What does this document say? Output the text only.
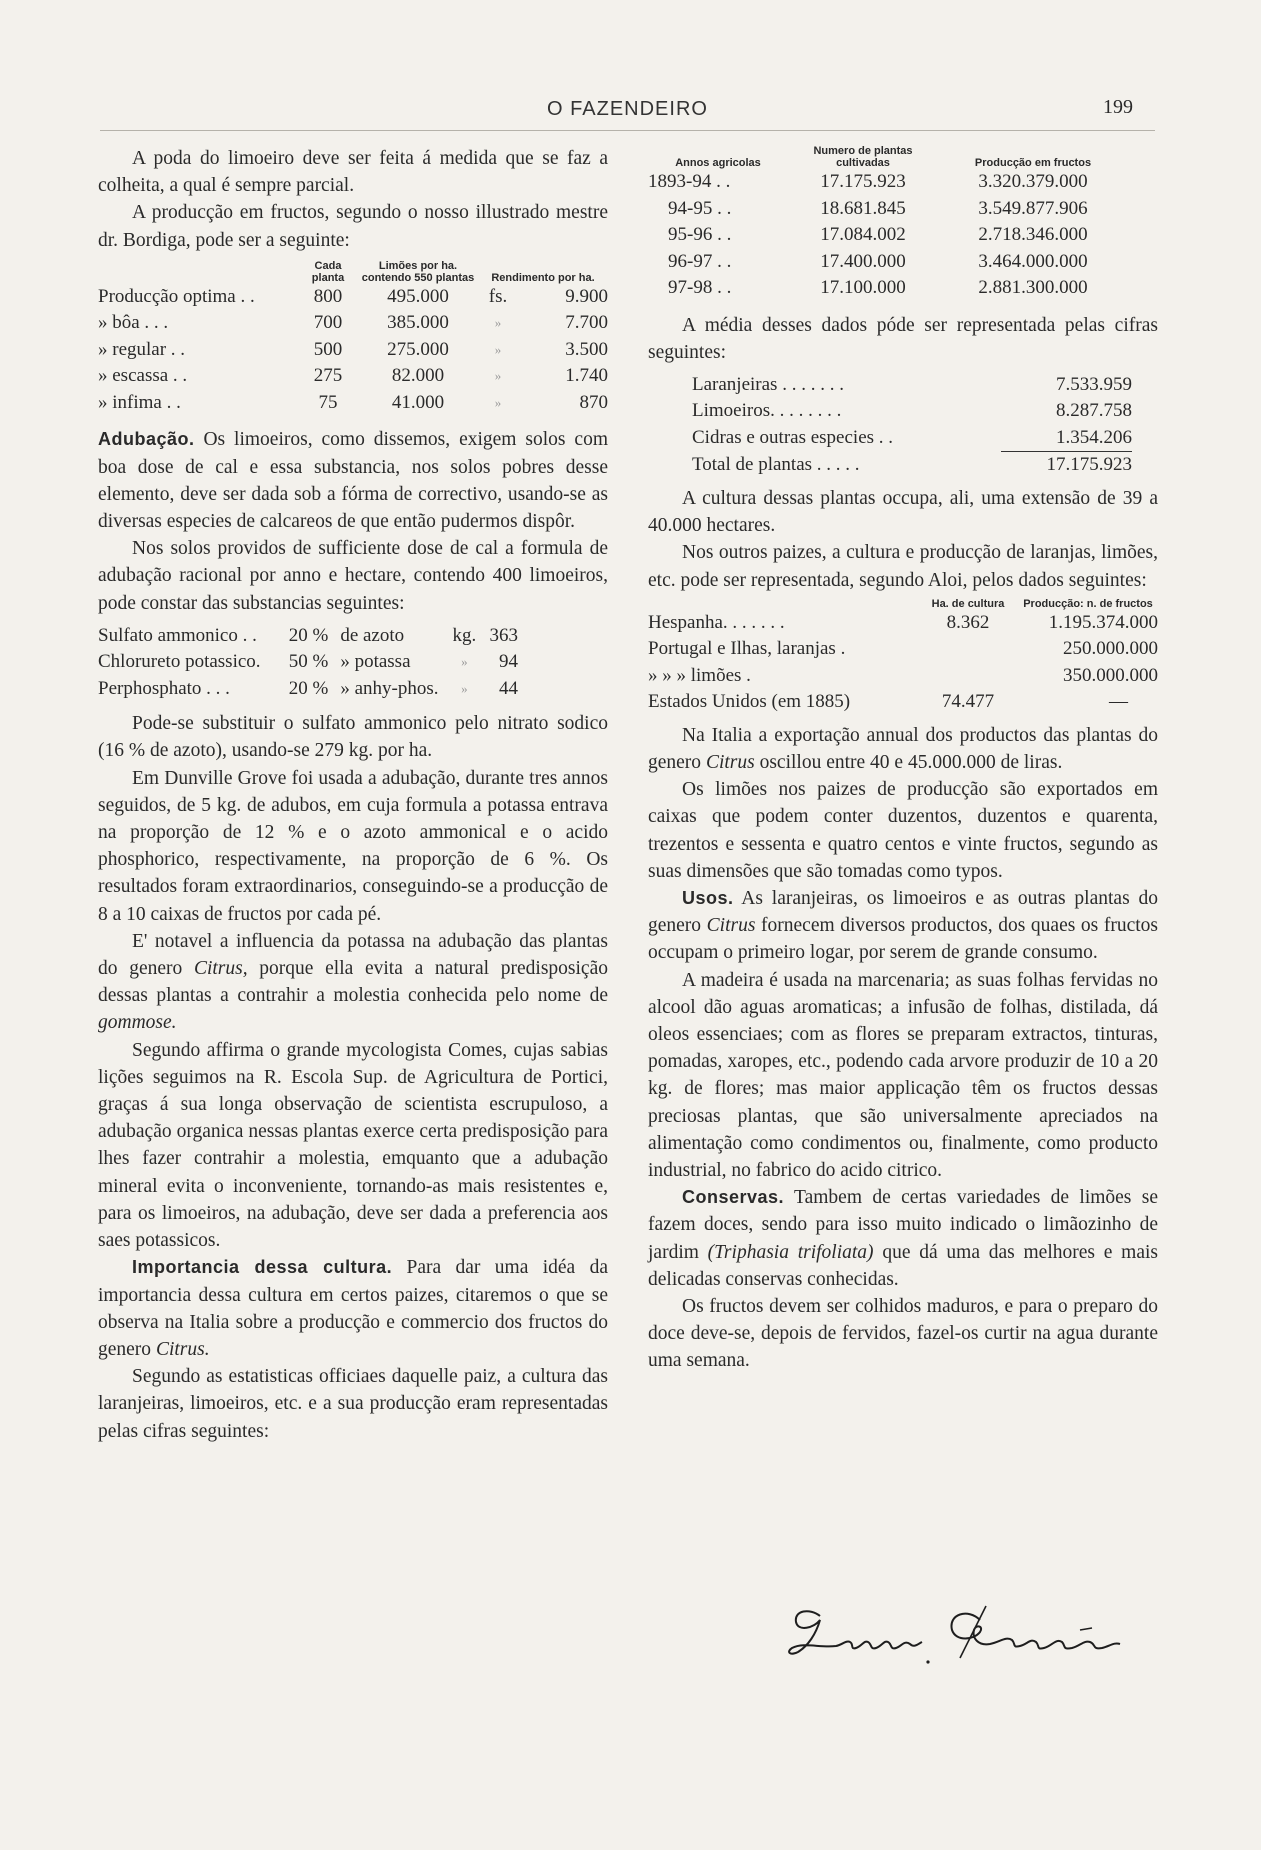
O FAZENDEIRO	199

A poda do limoeiro deve ser feita á medida que se faz a colheita, a qual é sempre parcial.

A producção em fructos, segundo o nosso illustrado mestre dr. Bordiga, pode ser a seguinte:

	Cada planta	Limões por ha. contendo 550 plantas	Rendimento por ha.	
Producção optima . .	800	495.000	fs.	9.900
» bôa . . .	700	385.000	»	7.700
» regular . .	500	275.000	»	3.500
» escassa . .	275	82.000	»	1.740
» infima . .	75	41.000	»	870

Adubação. Os limoeiros, como dissemos, exigem solos com boa dose de cal e essa substancia, nos solos pobres desse elemento, deve ser dada sob a fórma de correctivo, usando-se as diversas especies de calcareos de que então pudermos dispôr.

Nos solos providos de sufficiente dose de cal a formula de adubação racional por anno e hectare, contendo 400 limoeiros, pode constar das substancias seguintes:

Sulfato ammonico . .	20 %	de azoto	kg.	363
Chlorureto potassico.	50 %	» potassa	»	94
Perphosphato . . .	20 %	» anhy-phos.	»	44

Pode-se substituir o sulfato ammonico pelo nitrato sodico (16 % de azoto), usando-se 279 kg. por ha.

Em Dunville Grove foi usada a adubação, durante tres annos seguidos, de 5 kg. de adubos, em cuja formula a potassa entrava na proporção de 12 % e o azoto ammonical e o acido phosphorico, respectivamente, na proporção de 6 %. Os resultados foram extraordinarios, conseguindo-se a producção de 8 a 10 caixas de fructos por cada pé.

E' notavel a influencia da potassa na adubação das plantas do genero Citrus, porque ella evita a natural predisposição dessas plantas a contrahir a molestia conhecida pelo nome de gommose.

Segundo affirma o grande mycologista Comes, cujas sabias lições seguimos na R. Escola Sup. de Agricultura de Portici, graças á sua longa observação de scientista escrupuloso, a adubação organica nessas plantas exerce certa predisposição para lhes fazer contrahir a molestia, emquanto que a adubação mineral evita o inconveniente, tornando-as mais resistentes e, para os limoeiros, na adubação, deve ser dada a preferencia aos saes potassicos.

Importancia dessa cultura. Para dar uma idéa da importancia dessa cultura em certos paizes, citaremos o que se observa na Italia sobre a producção e commercio dos fructos do genero Citrus.

Segundo as estatisticas officiaes daquelle paiz, a cultura das laranjeiras, limoeiros, etc. e a sua producção eram representadas pelas cifras seguintes:

Annos agricolas	Numero de plantas cultivadas	Producção em fructos
1893-94 . .	17.175.923	3.320.379.000
94-95 . .	18.681.845	3.549.877.906
95-96 . .	17.084.002	2.718.346.000
96-97 . .	17.400.000	3.464.000.000
97-98 . .	17.100.000	2.881.300.000

A média desses dados póde ser representada pelas cifras seguintes:

Laranjeiras . . . . . . .	7.533.959
Limoeiros. . . . . . . .	8.287.758
Cidras e outras especies . .	1.354.206
Total de plantas . . . . .	17.175.923

A cultura dessas plantas occupa, ali, uma extensão de 39 a 40.000 hectares.

Nos outros paizes, a cultura e producção de laranjas, limões, etc. pode ser representada, segundo Aloi, pelos dados seguintes:

	Ha. de cultura	Producção: n. de fructos
Hespanha. . . . . . .	8.362	1.195.374.000
Portugal e Ilhas, laranjas .		250.000.000
» » » limões .		350.000.000
Estados Unidos (em 1885)	74.477	—

Na Italia a exportação annual dos productos das plantas do genero Citrus oscillou entre 40 e 45.000.000 de liras.

Os limões nos paizes de producção são exportados em caixas que podem conter duzentos, duzentos e quarenta, trezentos e sessenta e quatro centos e vinte fructos, segundo as suas dimensões que são tomadas como typos.

Usos. As laranjeiras, os limoeiros e as outras plantas do genero Citrus fornecem diversos productos, dos quaes os fructos occupam o primeiro logar, por serem de grande consumo.

A madeira é usada na marcenaria; as suas folhas fervidas no alcool dão aguas aromaticas; a infusão de folhas, distilada, dá oleos essenciaes; com as flores se preparam extractos, tinturas, pomadas, xaropes, etc., podendo cada arvore produzir de 10 a 20 kg. de flores; mas maior applicação têm os fructos dessas preciosas plantas, que são universalmente apreciados na alimentação como condimentos ou, finalmente, como producto industrial, no fabrico do acido citrico.

Conservas. Tambem de certas variedades de limões se fazem doces, sendo para isso muito indicado o limãozinho de jardim (Triphasia trifoliata) que dá uma das melhores e mais delicadas conservas conhecidas.

Os fructos devem ser colhidos maduros, e para o preparo do doce deve-se, depois de fervidos, fazel-os curtir na agua durante uma semana.
